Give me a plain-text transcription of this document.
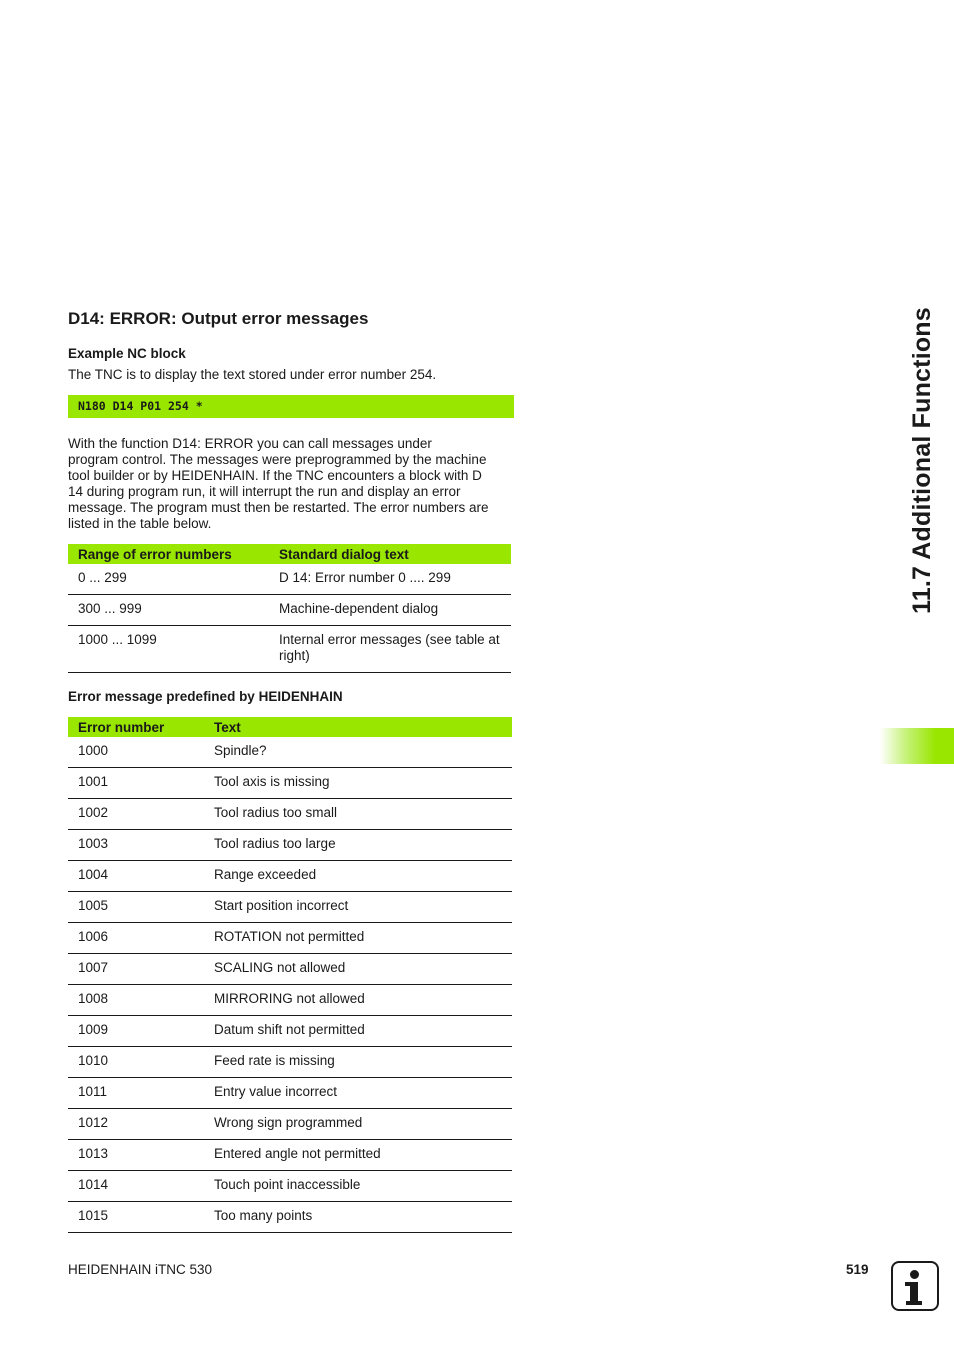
D14: ERROR: Output error messages
Example NC block
The TNC is to display the text stored under error number 254.
N180 D14 P01 254 *
With the function D14: ERROR you can call messages under
program control. The messages were preprogrammed by the machine
tool builder or by HEIDENHAIN. If the TNC encounters a block with D
14 during program run, it will interrupt the run and display an error
message. The program must then be restarted. The error numbers are
listed in the table below.
Range of error numbers	Standard dialog text
0 ... 299	D 14: Error number 0 .... 299
300 ... 999	Machine-dependent dialog
1000 ... 1099	Internal error messages (see table at right)
Error message predefined by HEIDENHAIN
Error number	Text
1000	Spindle?
1001	Tool axis is missing
1002	Tool radius too small
1003	Tool radius too large
1004	Range exceeded
1005	Start position incorrect
1006	ROTATION not permitted
1007	SCALING not allowed
1008	MIRRORING not allowed
1009	Datum shift not permitted
1010	Feed rate is missing
1011	Entry value incorrect
1012	Wrong sign programmed
1013	Entered angle not permitted
1014	Touch point inaccessible
1015	Too many points
11.7 Additional Functions
HEIDENHAIN iTNC 530	519
